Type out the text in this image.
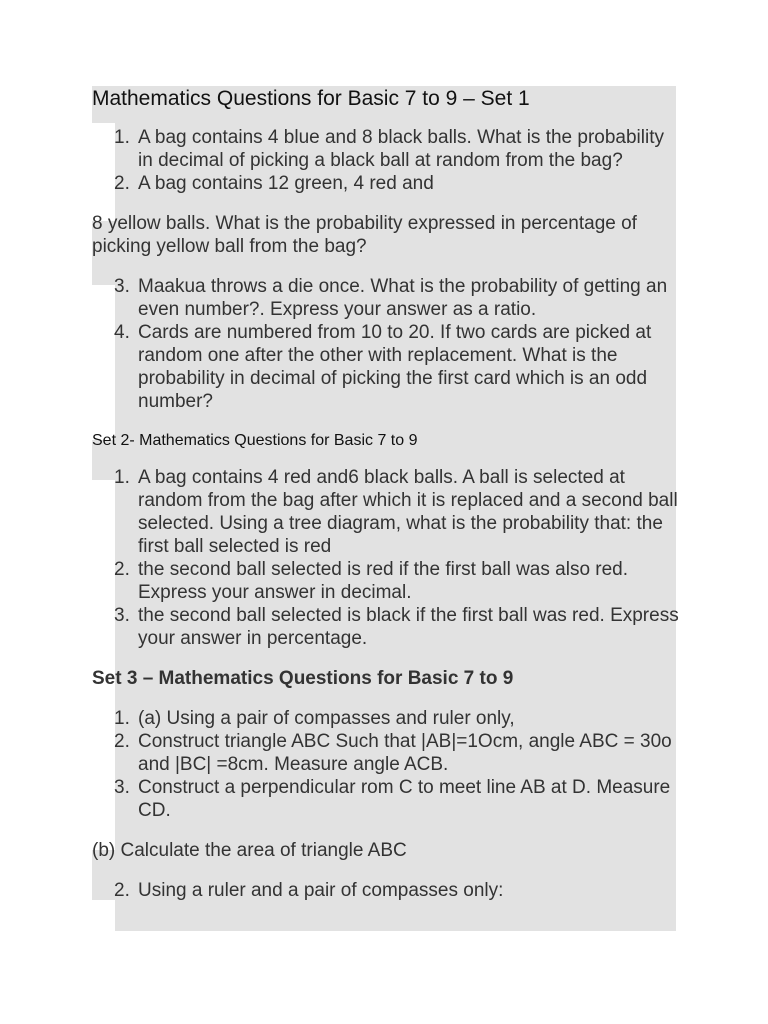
Mathematics Questions for Basic 7 to 9 – Set 1
1. A bag contains 4 blue and 8 black balls. What is the probability in decimal of picking a black ball at random from the bag?
2. A bag contains 12 green, 4 red and
8 yellow balls. What is the probability expressed in percentage of picking yellow ball from the bag?
3. Maakua throws a die once. What is the probability of getting an even number?. Express your answer as a ratio.
4. Cards are numbered from 10 to 20. If two cards are picked at random one after the other with replacement. What is the probability in decimal of picking the first card which is an odd number?
Set 2- Mathematics Questions for Basic 7 to 9
1. A bag contains 4 red and6 black balls. A ball is selected at random from the bag after which it is replaced and a second ball selected. Using a tree diagram, what is the probability that: the first ball selected is red
2. the second ball selected is red if the first ball was also red. Express your answer in decimal.
3. the second ball selected is black if the first ball was red. Express your answer in percentage.
Set 3 – Mathematics Questions for Basic 7 to 9
1. (a) Using a pair of compasses and ruler only,
2. Construct triangle ABC Such that |AB|=1Ocm, angle ABC = 30o and |BC| =8cm. Measure angle ACB.
3. Construct a perpendicular rom C to meet line AB at D. Measure CD.
(b) Calculate the area of triangle ABC
2. Using a ruler and a pair of compasses only:
